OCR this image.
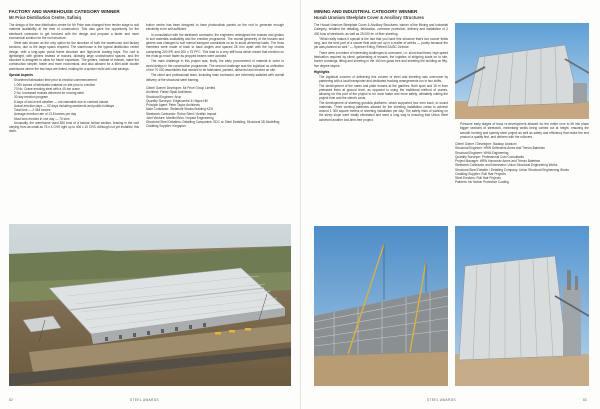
FACTORY AND WAREHOUSE CATEGORY WINNER
Mr Price Distribution Centre, Safiniq

The design of the new distribution centre for Mr Price was changed from tender stage to suit material availability at the time of construction. This also gave the opportunity for the steelwork contractor to get involved with the design and propose a faster and more economical solution for the roof structure.

Steel was chosen as the only option for the structure of both the warehouse and factory sections, due to the large spans required. The warehouse is the typical distribution centre design, with a long-span portal frame structure and high-level loading bays. The roof is lightweight, with girders instead of trusses, allowing large unobstructed spaces, and the structure is designed to allow for future expansion. The girders, instead of trusses, make the construction simpler, faster and more economical, and also allowed for a 60m-wide double warehouse where the two bays are linked, making for a quicker build and cost savings.

Special Aspects
• Shortened fabrication time prior to erection commencement
• 1 000 tonnes of fabricated material on site prior to erection
• 70 No. Crane erecting steel with a 40-ton crane
• 2 No. Increased trusses delivered for moving steel
• 30 day erection program
• 8 days of lost-event weather — not claimable due to contract clause
• Actual erection days — 92 days including weekends and public holidays
• Total tons — 2 364 tonnes
• Average erection rate of 13.8 tonnes per day
• Most tons erected in one day — 70 tons

Unusually, the warehouse used 830 tons of a tubular hollow section, bracing in the roof varying from as small as 76 x 4 CHS right up to 406 x 10 CHS. Although not yet installed, this distri-

bution centre has been designed to have photovoltaic panels on the roof to generate enough electricity to be self-sufficient.

In consultation with the steelwork contractor, the engineers redesigned the trusses and girders to suit materials availability and the erection programme. The overall geometry of the trusses and girders was changed to suit normal transport constraints so as to avoid abnormal loads. The truss members were made of back to back angles and spaced 28 mm apart with the top chords comprising 200 IPE and 200 x 75 PFC. This lead to a very stiff truss which meant that erection on the ends go much faster as propped beams were avoided.

The main challenge in this project was, firstly, the early procurement of material in order to avoid delays in the construction programme. The second challenge was the logistical co-ordination of the 70 000 assemblies that needed to be fabricated, painted, delivered and erected on site.

The client and professional team, including main contractor, are extremely satisfied with overall delivery of the structural steel framing.

Client/ Owner/ Developer: Mr Price Group Limited
Architect: Fisher Sijaki Architects
Structural Engineer: Arup
Quantity Surveyor: Edgecombe & Hayes Hill
Principle Agent: Peter Taylor Architects
Main Contractor: Stefanutti Stocks Building KZN
Steelwork Contractor: Robor Steel / Avellini Impact
Joint Venture: Mcellini Bros / Impact Engineering
Structural Steel Detailers: Detailing Companies: SDC cc Steel Detailing; Structural 3D Modelling
Cladding Supplier: Kingspan
82	STEEL AWARDS
MINING AND INDUSTRIAL CATEGORY WINNER
Husab Uranium Steelplate Cover & Ancillary Structures

The Husab Uranium Steelplate Cover & Ancillary Structures, winner of the Mining and Industrial Category, entailed the detailing, fabrication, corrosion protection, delivery and installation of 2 400 tons of steelwork, as well as 25 000 m² of fiber sheeting.

"What really makes it special is the fact that you have this structure that's two soccer fields long, and the best part of a soccer field wide put up in a matter of weeks — purely because the job was planned so well." — Spencer Erling, Retired SAISC Director.

There were a number of interesting challenges to overcome, i.e. short lead times, high speed fabrication required by client, galvanising of trusses, the logistics of shipping loads on to site, border crossings, lifting and sheeting in the 160 km gusts free and sheeting the building on fifty-five degree slopes.

Highlights
• The logistical concern of delivering this volume of steel and sheeting was overcome by partnering with a local transporter and dedicated trucking arrangements run in two shifts.
• The development of the rakes and plate trusses at the gantries. Both span and 16 m from prebased them at ground level, as opposed to using the traditional method of cranes, allowing for this part of the project to be done faster and more safely, ultimately cutting the project time and the client's costs.
• The development of sheeting gondola platforms, which supported four men each, to sound materials. Three working platforms allowed for the sheeting installation crews to achieve around 1 000 square meters of sheeting installation per day. The safety risks of working on the steep slope were totally eliminated and went a long way to ensuring that Union Steel achieved another lost-time-free project.
• Pressure early stages of truss re-development allowed for the entire rove to lift into place bigger sections of steelwork, minimising welds being carried out at height, ensuring the smooth running and speedy steel project as well as safety and efficiency that make the end product a quality first, and delivers with the rollovers.
Client/ Owner / Developer: Swakop Uranium
Structural Engineer: HRW Defenders Ames and Trenzo Baterism
Structural Engineer: WHA Engineering
Quantity Surveyor: Professional Cost Consultants
Project Manager: HRW Hannover Ames and Trenzo Baterism
Steelwork Contractor and Nominator: Union Structural Engineering Works
Structural Steel Detailer / Detailing Company: Union Structural Engineering Works
Cladding Supplier: Roll Hair Projects
Steel Erectors: Roll Hair Projects
Painters: Nu Notion Protective Coating
STEEL AWARDS	83
